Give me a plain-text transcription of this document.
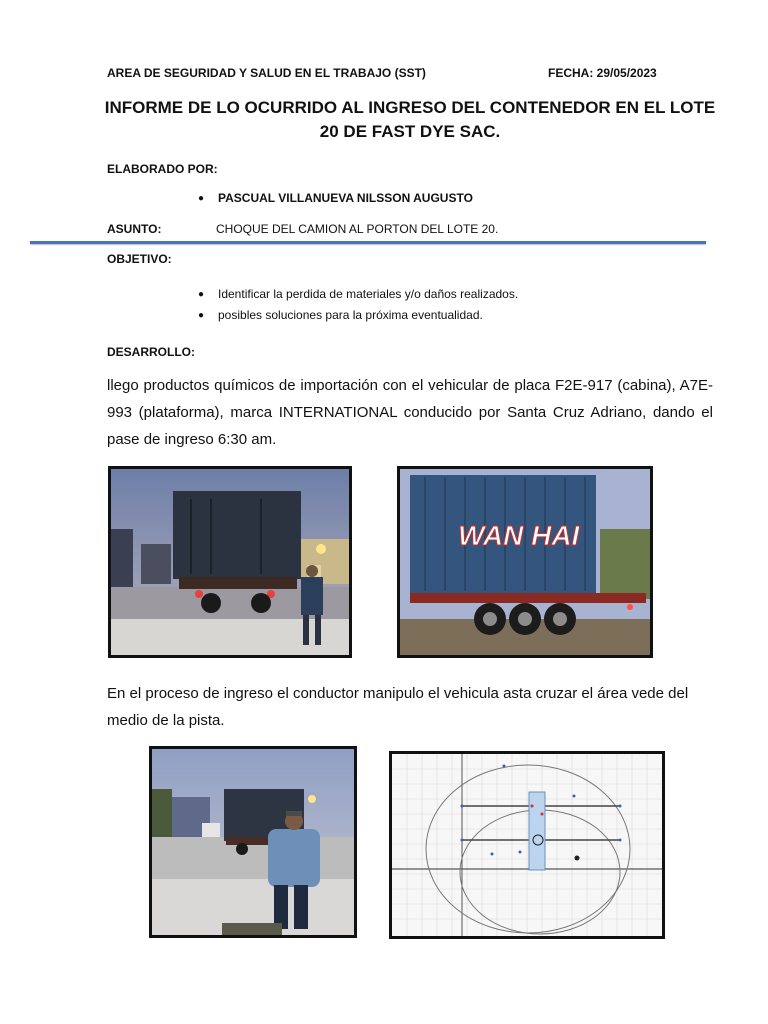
AREA DE SEGURIDAD Y SALUD EN EL TRABAJO (SST)	FECHA: 29/05/2023
INFORME DE LO OCURRIDO AL INGRESO DEL CONTENEDOR EN EL LOTE
20 DE FAST DYE SAC.
ELABORADO POR:
● PASCUAL VILLANUEVA NILSSON AUGUSTO
ASUNTO:	CHOQUE DEL CAMION AL PORTON DEL LOTE 20.
OBJETIVO:
● Identificar la perdida de materiales y/o daños realizados.
● posibles soluciones para la próxima eventualidad.
DESARROLLO:
llego productos químicos de importación con el vehicular de placa F2E-917 (cabina), A7E-993 (plataforma), marca INTERNATIONAL conducido por Santa Cruz Adriano, dando el pase de ingreso 6:30 am.
WAN HAI
En el proceso de ingreso el conductor manipulo el vehicula asta cruzar el área vede del medio de la pista.
